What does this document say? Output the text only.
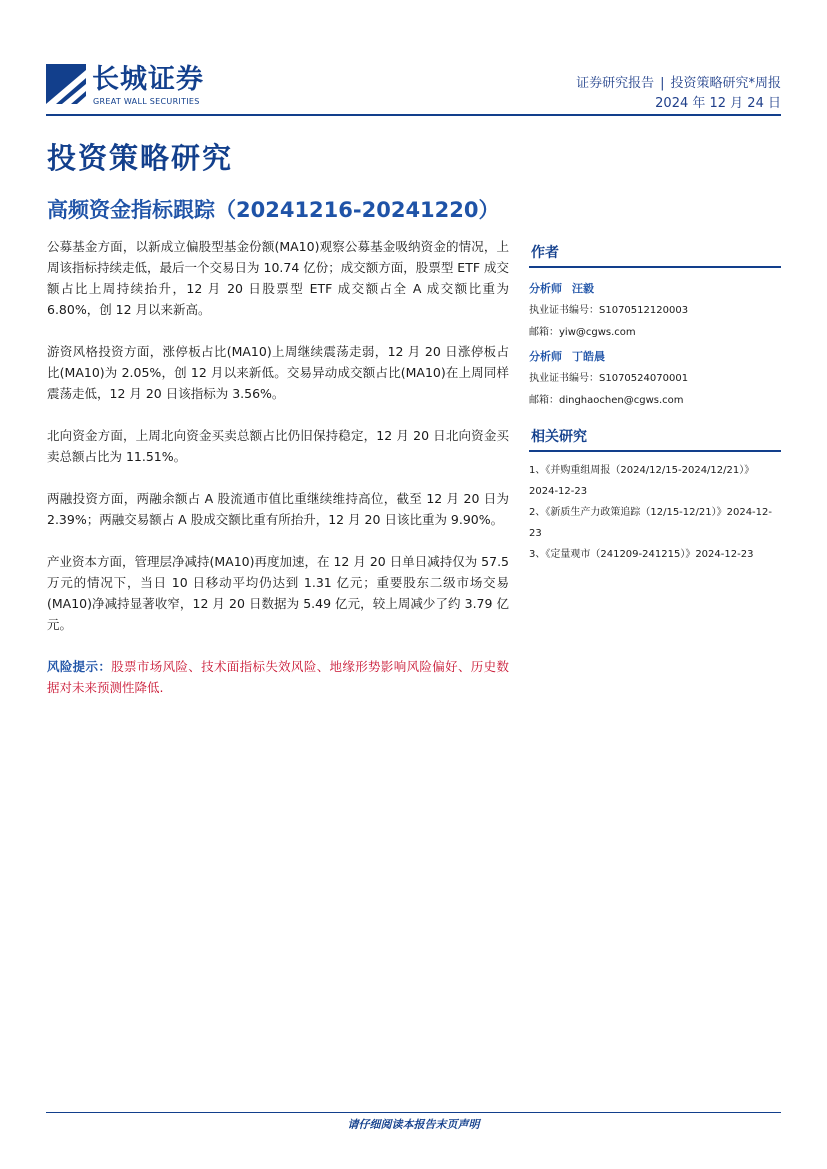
长城证券
GREAT WALL SECURITIES
证券研究报告 | 投资策略研究*周报
2024 年 12 月 24 日
投资策略研究
高频资金指标跟踪（20241216-20241220）

公募基金方面，以新成立偏股型基金份额(MA10)观察公募基金吸纳资金的情况，上周该指标持续走低，最后一个交易日为 10.74 亿份；成交额方面，股票型 ETF 成交额占比上周持续抬升，12 月 20 日股票型 ETF 成交额占全 A 成交额比重为 6.80%，创 12 月以来新高。

游资风格投资方面，涨停板占比(MA10)上周继续震荡走弱，12 月 20 日涨停板占比(MA10)为 2.05%，创 12 月以来新低。交易异动成交额占比(MA10)在上周同样震荡走低，12 月 20 日该指标为 3.56%。

北向资金方面，上周北向资金买卖总额占比仍旧保持稳定，12 月 20 日北向资金买卖总额占比为 11.51%。

两融投资方面，两融余额占 A 股流通市值比重继续维持高位，截至 12 月 20 日为 2.39%；两融交易额占 A 股成交额比重有所抬升，12 月 20 日该比重为 9.90%。

产业资本方面，管理层净减持(MA10)再度加速，在 12 月 20 日单日减持仅为 57.5 万元的情况下，当日 10 日移动平均仍达到 1.31 亿元；重要股东二级市场交易(MA10)净减持显著收窄，12 月 20 日数据为 5.49 亿元，较上周减少了约 3.79 亿元。

风险提示：股票市场风险、技术面指标失效风险、地缘形势影响风险偏好、历史数据对未来预测性降低.

作者
分析师 汪毅
执业证书编号：S1070512120003
邮箱：yiw@cgws.com
分析师 丁皓晨
执业证书编号：S1070524070001
邮箱：dinghaochen@cgws.com
相关研究
1、《并购重组周报（2024/12/15-2024/12/21）》 2024-12-23
2、《新质生产力政策追踪（12/15-12/21）》2024-12-23
3、《定量观市（241209-241215）》2024-12-23
请仔细阅读本报告末页声明
